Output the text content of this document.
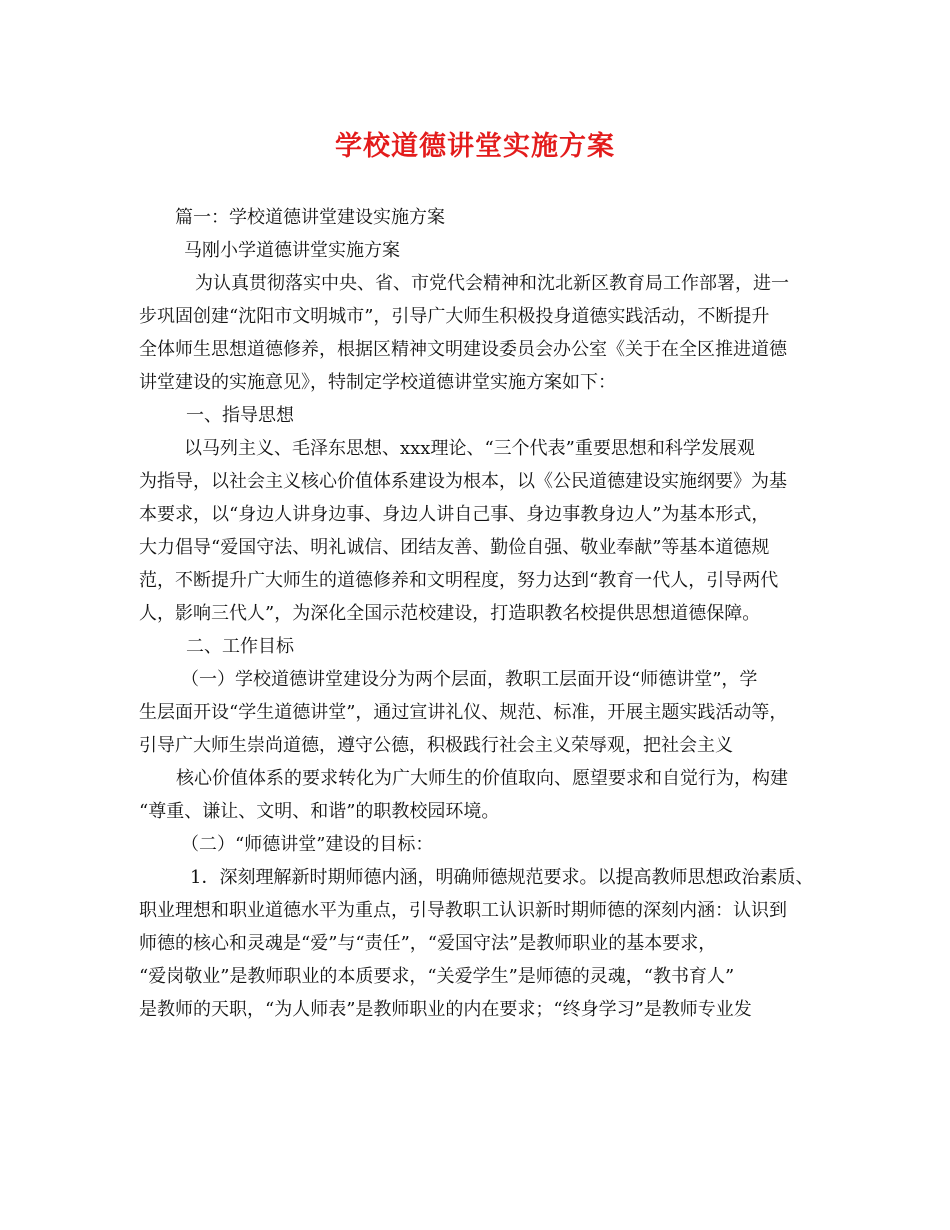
学校道德讲堂实施方案
篇一：学校道德讲堂建设实施方案
马刚小学道德讲堂实施方案
为认真贯彻落实中央、省、市党代会精神和沈北新区教育局工作部署，进一
步巩固创建“沈阳市文明城市”，引导广大师生积极投身道德实践活动，不断提升
全体师生思想道德修养，根据区精神文明建设委员会办公室《关于在全区推进道德
讲堂建设的实施意见》，特制定学校道德讲堂实施方案如下：
一、指导思想
以马列主义、毛泽东思想、xxx理论、“三个代表”重要思想和科学发展观
为指导，以社会主义核心价值体系建设为根本，以《公民道德建设实施纲要》为基
本要求，以“身边人讲身边事、身边人讲自己事、身边事教身边人”为基本形式，
大力倡导“爱国守法、明礼诚信、团结友善、勤俭自强、敬业奉献”等基本道德规
范，不断提升广大师生的道德修养和文明程度，努力达到“教育一代人，引导两代
人，影响三代人”，为深化全国示范校建设，打造职教名校提供思想道德保障。
二、工作目标
（一）学校道德讲堂建设分为两个层面，教职工层面开设“师德讲堂”，学
生层面开设“学生道德讲堂”，通过宣讲礼仪、规范、标准，开展主题实践活动等，
引导广大师生崇尚道德，遵守公德，积极践行社会主义荣辱观，把社会主义
核心价值体系的要求转化为广大师生的价值取向、愿望要求和自觉行为，构建
“尊重、谦让、文明、和谐”的职教校园环境。
（二）“师德讲堂”建设的目标：
1．深刻理解新时期师德内涵，明确师德规范要求。以提高教师思想政治素质、
职业理想和职业道德水平为重点，引导教职工认识新时期师德的深刻内涵：认识到
师德的核心和灵魂是“爱”与“责任”，“爱国守法”是教师职业的基本要求，
“爱岗敬业”是教师职业的本质要求，“关爱学生”是师德的灵魂，“教书育人”
是教师的天职，“为人师表”是教师职业的内在要求；“终身学习”是教师专业发
